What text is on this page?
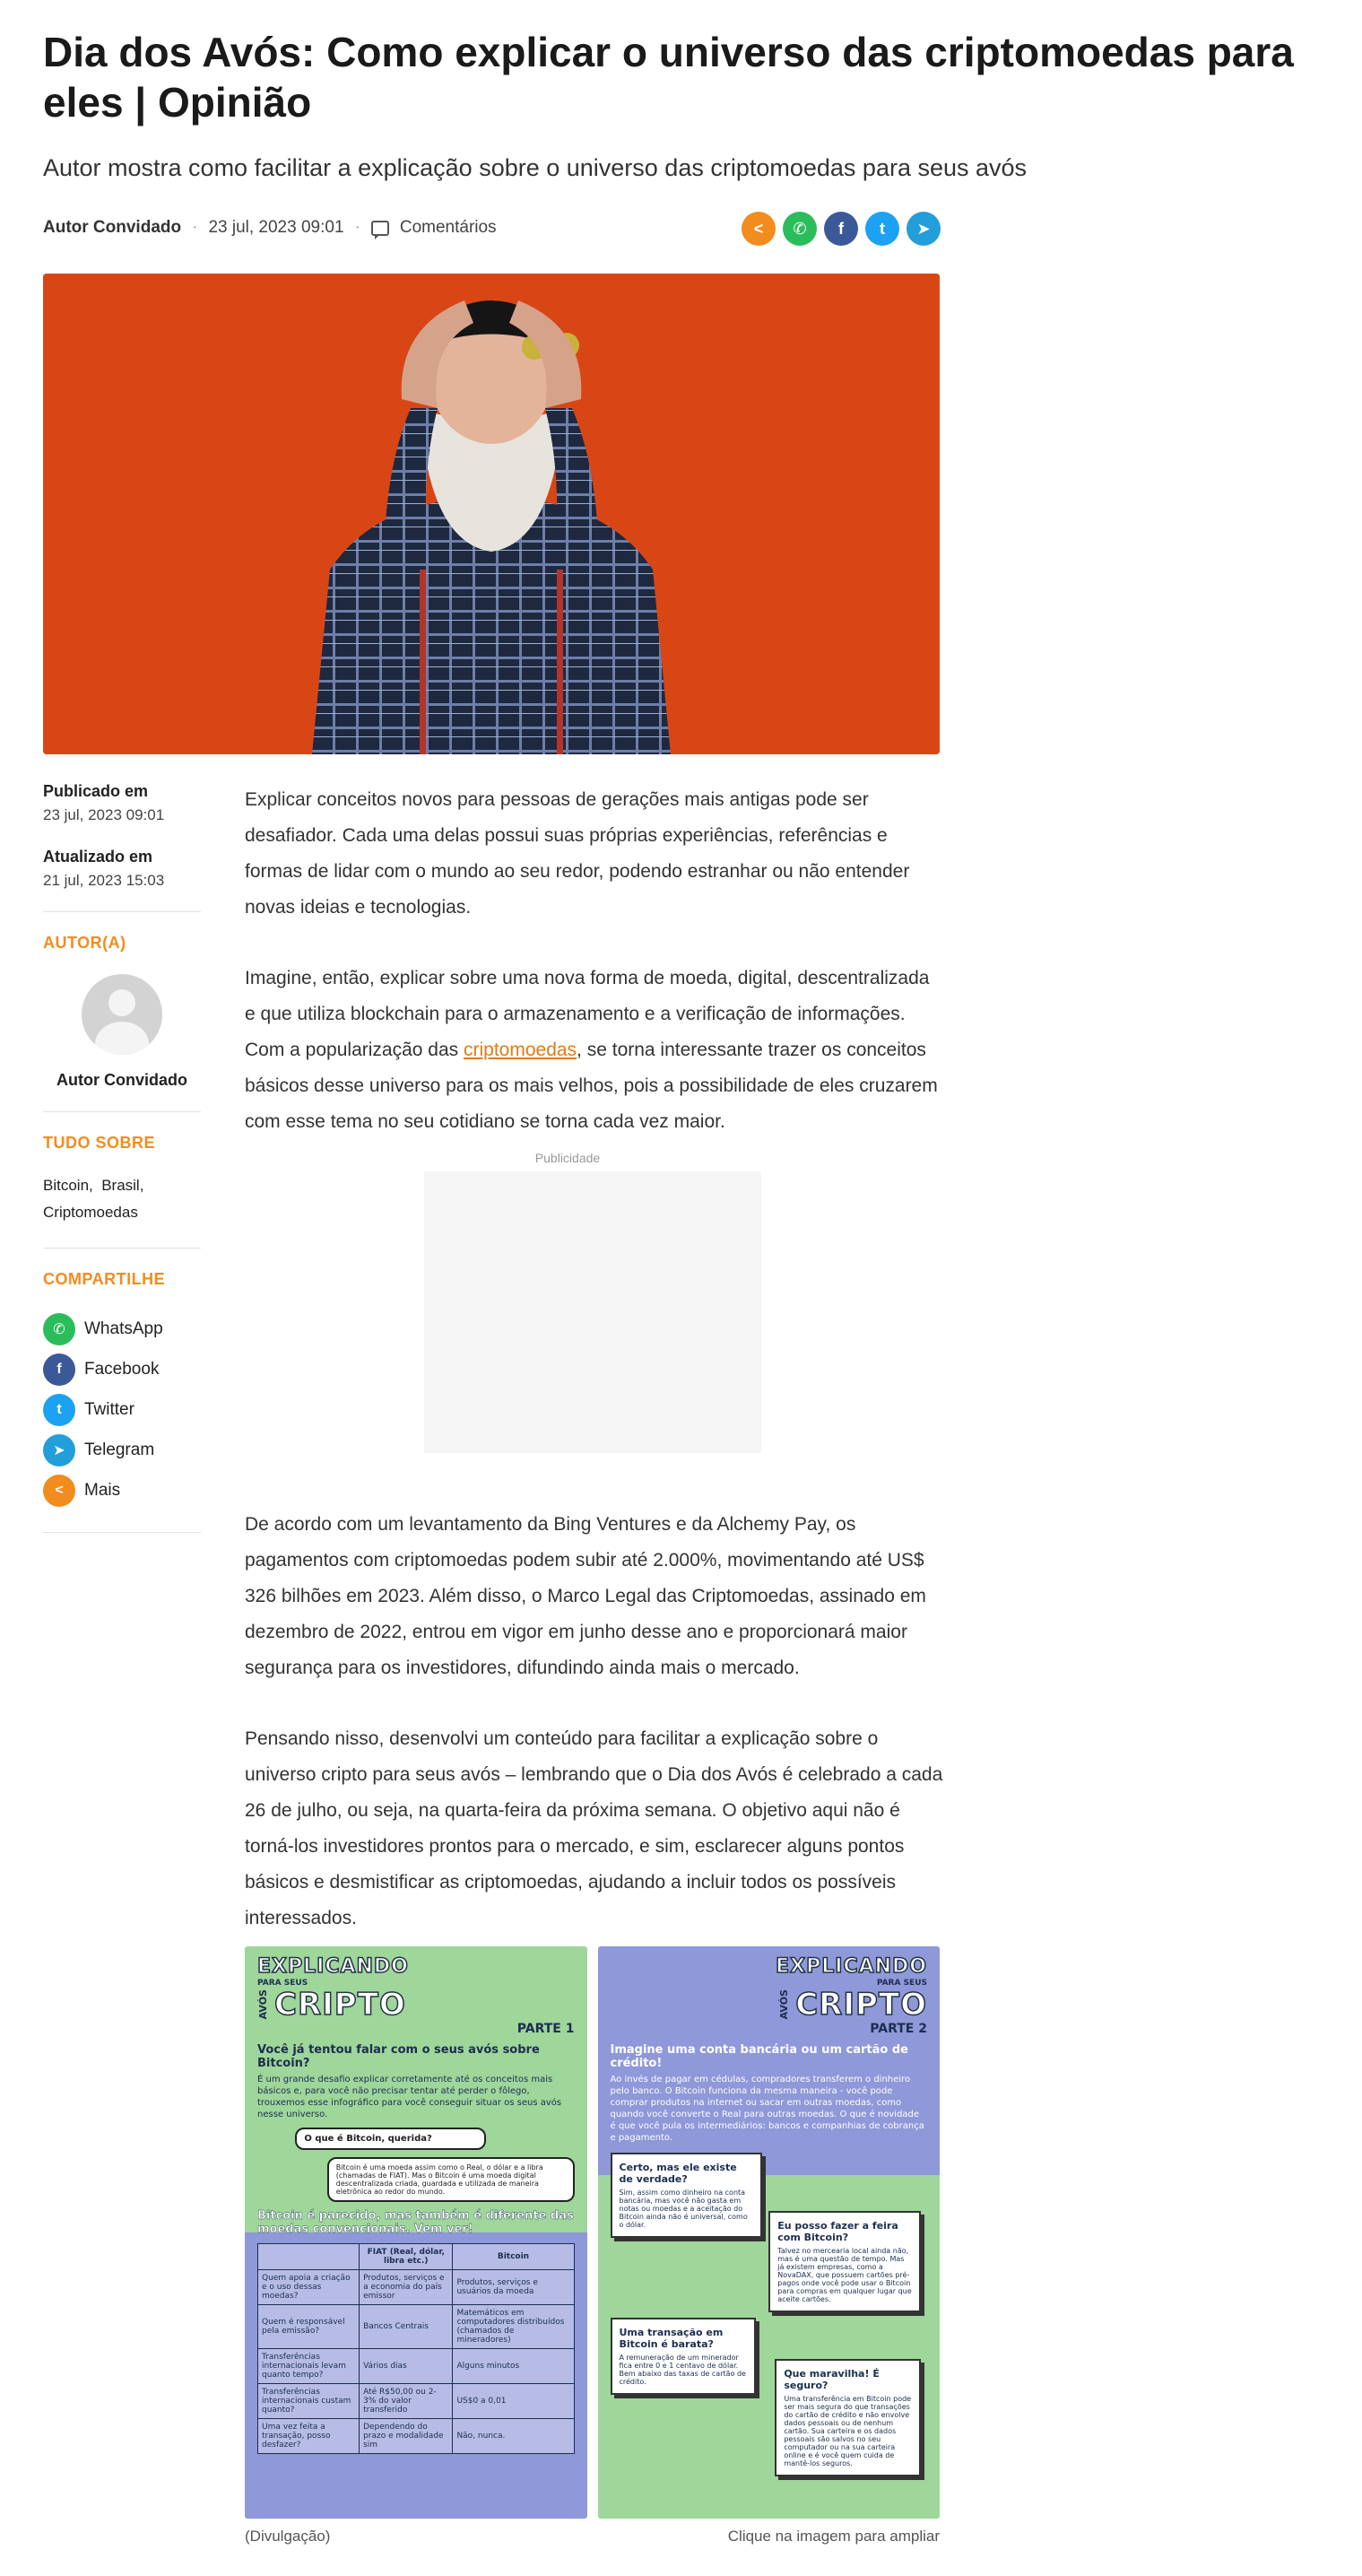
Dia dos Avós: Como explicar o universo das criptomoedas para eles | Opinião
Autor mostra como facilitar a explicação sobre o universo das criptomoedas para seus avós
Autor Convidado · 23 jul, 2023 09:01 · Comentários	<	✆	f	t	➤
Publicado em
23 jul, 2023 09:01
Atualizado em
21 jul, 2023 15:03
AUTOR(A)
Autor Convidado
TUDO SOBRE
Bitcoin, Brasil,
Criptomoedas
COMPARTILHE
✆	WhatsApp
f	Facebook
t	Twitter
➤	Telegram
<	Mais

Explicar conceitos novos para pessoas de gerações mais antigas pode ser desafiador. Cada uma delas possui suas próprias experiências, referências e formas de lidar com o mundo ao seu redor, podendo estranhar ou não entender novas ideias e tecnologias.

Imagine, então, explicar sobre uma nova forma de moeda, digital, descentralizada e que utiliza blockchain para o armazenamento e a verificação de informações. Com a popularização das criptomoedas, se torna interessante trazer os conceitos básicos desse universo para os mais velhos, pois a possibilidade de eles cruzarem com esse tema no seu cotidiano se torna cada vez maior.

Publicidade

De acordo com um levantamento da Bing Ventures e da Alchemy Pay, os pagamentos com criptomoedas podem subir até 2.000%, movimentando até US$ 326 bilhões em 2023. Além disso, o Marco Legal das Criptomoedas, assinado em dezembro de 2022, entrou em vigor em junho desse ano e proporcionará maior segurança para os investidores, difundindo ainda mais o mercado.

Pensando nisso, desenvolvi um conteúdo para facilitar a explicação sobre o universo cripto para seus avós – lembrando que o Dia dos Avós é celebrado a cada 26 de julho, ou seja, na quarta-feira da próxima semana. O objetivo aqui não é torná-los investidores prontos para o mercado, e sim, esclarecer alguns pontos básicos e desmistificar as criptomoedas, ajudando a incluir todos os possíveis interessados.

EXPLICANDO
PARA SEUS
AVÓS CRIPTO
PARTE 1
Você já tentou falar com o seus avós sobre Bitcoin?
É um grande desafio explicar corretamente até os conceitos mais básicos e, para você não precisar tentar até perder o fôlego, trouxemos esse infográfico para você conseguir situar os seus avós nesse universo.
O que é Bitcoin, querida?
Bitcoin é uma moeda assim como o Real, o dólar e a libra (chamadas de FIAT). Mas o Bitcoin é uma moeda digital descentralizada criada, guardada e utilizada de maneira eletrônica ao redor do mundo.
Bitcoin é parecido, mas também é diferente das moedas convencionais. Vem ver!
	FIAT (Real, dólar, libra etc.)	Bitcoin
Quem apoia a criação e o uso dessas moedas?	Produtos, serviços e a economia do país emissor	Produtos, serviços e usuários da moeda
Quem é responsável pela emissão?	Bancos Centrais	Matemáticos em computadores distribuídos (chamados de mineradores)
Transferências internacionais levam quanto tempo?	Vários dias	Alguns minutos
Transferências internacionais custam quanto?	Até R$50,00 ou 2-3% do valor transferido	US$0 a 0,01
Uma vez feita a transação, posso desfazer?	Dependendo do prazo e modalidade sim	Não, nunca.
EXPLICANDO
PARA SEUS
AVÓS CRIPTO
PARTE 2
Imagine uma conta bancária ou um cartão de crédito!
Ao invés de pagar em cédulas, compradores transferem o dinheiro pelo banco. O Bitcoin funciona da mesma maneira - você pode comprar produtos na internet ou sacar em outras moedas, como quando você converte o Real para outras moedas. O que é novidade é que você pula os intermediários: bancos e companhias de cobrança e pagamento.
Certo, mas ele existe de verdade?
Sim, assim como dinheiro na conta bancária, mas você não gasta em notas ou moedas e a aceitação do Bitcoin ainda não é universal, como o dólar.	Eu posso fazer a feira com Bitcoin?
Talvez no mercearia local ainda não, mas é uma questão de tempo. Mas já existem empresas, como a NovaDAX, que possuem cartões pré-pagos onde você pode usar o Bitcoin para compras em qualquer lugar que aceite cartões.
Uma transação em Bitcoin é barata?
A remuneração de um minerador fica entre 0 e 1 centavo de dólar. Bem abaixo das taxas de cartão de crédito.
Que maravilha! É seguro?
Uma transferência em Bitcoin pode ser mais segura do que transações do cartão de crédito e não envolve dados pessoais ou de nenhum cartão. Sua carteira e os dados pessoais são salvos no seu computador ou na sua carteira online e é você quem cuida de mantê-los seguros.
(Divulgação)	Clique na imagem para ampliar
